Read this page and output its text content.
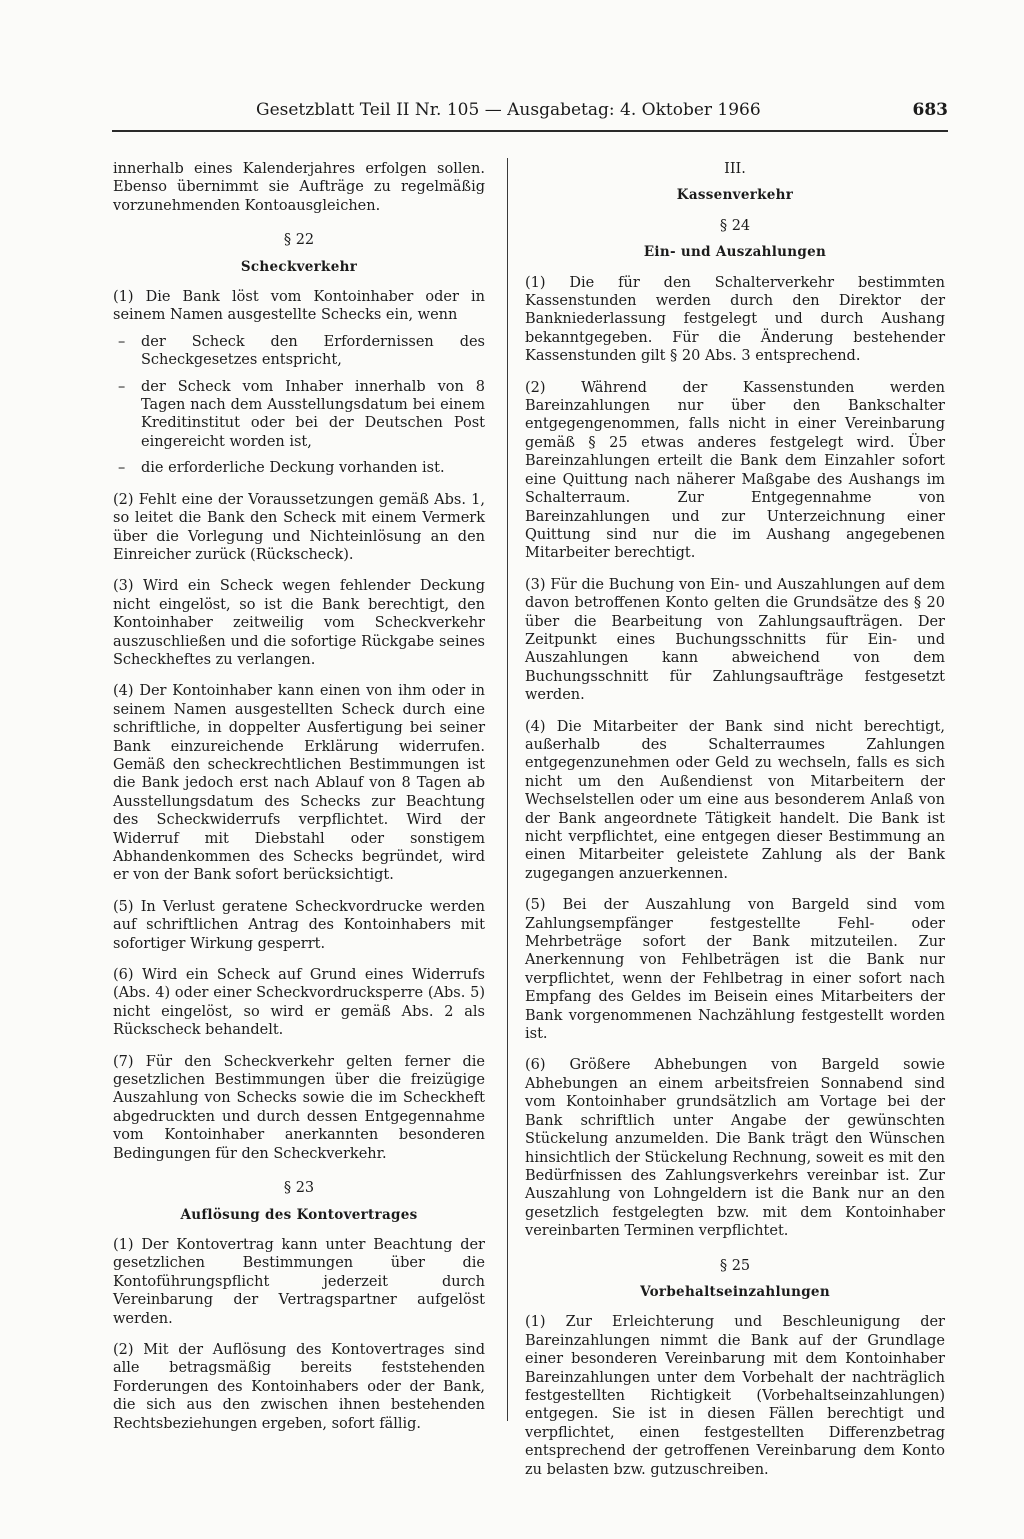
Gesetzblatt Teil II Nr. 105 — Ausgabetag: 4. Oktober 1966	683

innerhalb eines Kalenderjahres erfolgen sollen. Ebenso übernimmt sie Aufträge zu regelmäßig vorzunehmenden Kontoausgleichen.

§ 22
Scheckverkehr

(1) Die Bank löst vom Kontoinhaber oder in seinem Namen ausgestellte Schecks ein, wenn

– der Scheck den Erfordernissen des Scheckgesetzes entspricht,
– der Scheck vom Inhaber innerhalb von 8 Tagen nach dem Ausstellungsdatum bei einem Kreditinstitut oder bei der Deutschen Post eingereicht worden ist,
– die erforderliche Deckung vorhanden ist.

(2) Fehlt eine der Voraussetzungen gemäß Abs. 1, so leitet die Bank den Scheck mit einem Vermerk über die Vorlegung und Nichteinlösung an den Einreicher zurück (Rückscheck).

(3) Wird ein Scheck wegen fehlender Deckung nicht eingelöst, so ist die Bank berechtigt, den Kontoinhaber zeitweilig vom Scheckverkehr auszuschließen und die sofortige Rückgabe seines Scheckheftes zu verlangen.

(4) Der Kontoinhaber kann einen von ihm oder in seinem Namen ausgestellten Scheck durch eine schriftliche, in doppelter Ausfertigung bei seiner Bank einzureichende Erklärung widerrufen. Gemäß den scheckrechtlichen Bestimmungen ist die Bank jedoch erst nach Ablauf von 8 Tagen ab Ausstellungsdatum des Schecks zur Beachtung des Scheckwiderrufs verpflichtet. Wird der Widerruf mit Diebstahl oder sonstigem Abhandenkommen des Schecks begründet, wird er von der Bank sofort berücksichtigt.

(5) In Verlust geratene Scheckvordrucke werden auf schriftlichen Antrag des Kontoinhabers mit sofortiger Wirkung gesperrt.

(6) Wird ein Scheck auf Grund eines Widerrufs (Abs. 4) oder einer Scheckvordrucksperre (Abs. 5) nicht eingelöst, so wird er gemäß Abs. 2 als Rückscheck behandelt.

(7) Für den Scheckverkehr gelten ferner die gesetzlichen Bestimmungen über die freizügige Auszahlung von Schecks sowie die im Scheckheft abgedruckten und durch dessen Entgegennahme vom Kontoinhaber anerkannten besonderen Bedingungen für den Scheckverkehr.

§ 23
Auflösung des Kontovertrages

(1) Der Kontovertrag kann unter Beachtung der gesetzlichen Bestimmungen über die Kontoführungspflicht jederzeit durch Vereinbarung der Vertragspartner aufgelöst werden.

(2) Mit der Auflösung des Kontovertrages sind alle betragsmäßig bereits feststehenden Forderungen des Kontoinhabers oder der Bank, die sich aus den zwischen ihnen bestehenden Rechtsbeziehungen ergeben, sofort fällig.

III.
Kassenverkehr
§ 24
Ein- und Auszahlungen

(1) Die für den Schalterverkehr bestimmten Kassenstunden werden durch den Direktor der Bankniederlassung festgelegt und durch Aushang bekanntgegeben. Für die Änderung bestehender Kassenstunden gilt § 20 Abs. 3 entsprechend.

(2) Während der Kassenstunden werden Bareinzahlungen nur über den Bankschalter entgegengenommen, falls nicht in einer Vereinbarung gemäß § 25 etwas anderes festgelegt wird. Über Bareinzahlungen erteilt die Bank dem Einzahler sofort eine Quittung nach näherer Maßgabe des Aushangs im Schalterraum. Zur Entgegennahme von Bareinzahlungen und zur Unterzeichnung einer Quittung sind nur die im Aushang angegebenen Mitarbeiter berechtigt.

(3) Für die Buchung von Ein- und Auszahlungen auf dem davon betroffenen Konto gelten die Grundsätze des § 20 über die Bearbeitung von Zahlungsaufträgen. Der Zeitpunkt eines Buchungsschnitts für Ein- und Auszahlungen kann abweichend von dem Buchungsschnitt für Zahlungsaufträge festgesetzt werden.

(4) Die Mitarbeiter der Bank sind nicht berechtigt, außerhalb des Schalterraumes Zahlungen entgegenzunehmen oder Geld zu wechseln, falls es sich nicht um den Außendienst von Mitarbeitern der Wechselstellen oder um eine aus besonderem Anlaß von der Bank angeordnete Tätigkeit handelt. Die Bank ist nicht verpflichtet, eine entgegen dieser Bestimmung an einen Mitarbeiter geleistete Zahlung als der Bank zugegangen anzuerkennen.

(5) Bei der Auszahlung von Bargeld sind vom Zahlungsempfänger festgestellte Fehl- oder Mehrbeträge sofort der Bank mitzuteilen. Zur Anerkennung von Fehlbeträgen ist die Bank nur verpflichtet, wenn der Fehlbetrag in einer sofort nach Empfang des Geldes im Beisein eines Mitarbeiters der Bank vorgenommenen Nachzählung festgestellt worden ist.

(6) Größere Abhebungen von Bargeld sowie Abhebungen an einem arbeitsfreien Sonnabend sind vom Kontoinhaber grundsätzlich am Vortage bei der Bank schriftlich unter Angabe der gewünschten Stückelung anzumelden. Die Bank trägt den Wünschen hinsichtlich der Stückelung Rechnung, soweit es mit den Bedürfnissen des Zahlungsverkehrs vereinbar ist. Zur Auszahlung von Lohngeldern ist die Bank nur an den gesetzlich festgelegten bzw. mit dem Kontoinhaber vereinbarten Terminen verpflichtet.

§ 25
Vorbehaltseinzahlungen

(1) Zur Erleichterung und Beschleunigung der Bareinzahlungen nimmt die Bank auf der Grundlage einer besonderen Vereinbarung mit dem Kontoinhaber Bareinzahlungen unter dem Vorbehalt der nachträglich festgestellten Richtigkeit (Vorbehaltseinzahlungen) entgegen. Sie ist in diesen Fällen berechtigt und verpflichtet, einen festgestellten Differenzbetrag entsprechend der getroffenen Vereinbarung dem Konto zu belasten bzw. gutzuschreiben.
